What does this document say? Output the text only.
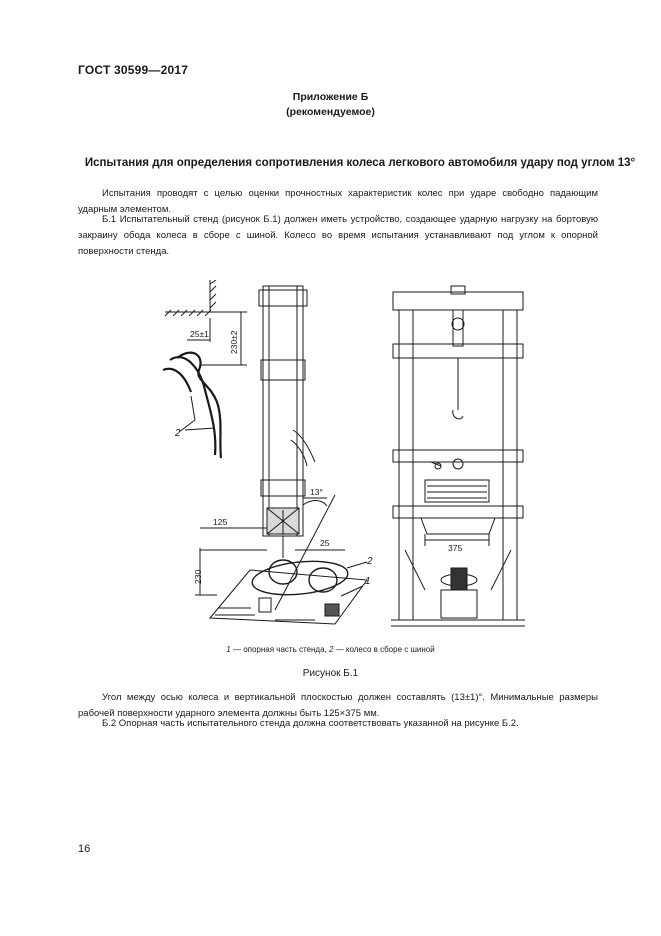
ГОСТ 30599—2017
Приложение Б
(рекомендуемое)
Испытания для определения сопротивления колеса легкового автомобиля удару под углом 13°
Испытания проводят с целью оценки прочностных характеристик колес при ударе свободно падающим ударным элементом.
Б.1 Испытательный стенд (рисунок Б.1) должен иметь устройство, создающее ударную нагрузку на бортовую закраину обода колеса в сборе с шиной. Колесо во время испытания устанавливают под углом к опорной поверхности стенда.
25±1 230±2
13°
125
25
230
375
2
1
2
1 — опорная часть стенда, 2 — колесо в сборе с шиной
Рисунок Б.1
Угол между осью колеса и вертикальной плоскостью должен составлять (13±1)°. Минимальные размеры рабочей поверхности ударного элемента должны быть 125×375 мм.
Б.2 Опорная часть испытательного стенда должна соответствовать указанной на рисунке Б.2.
16
